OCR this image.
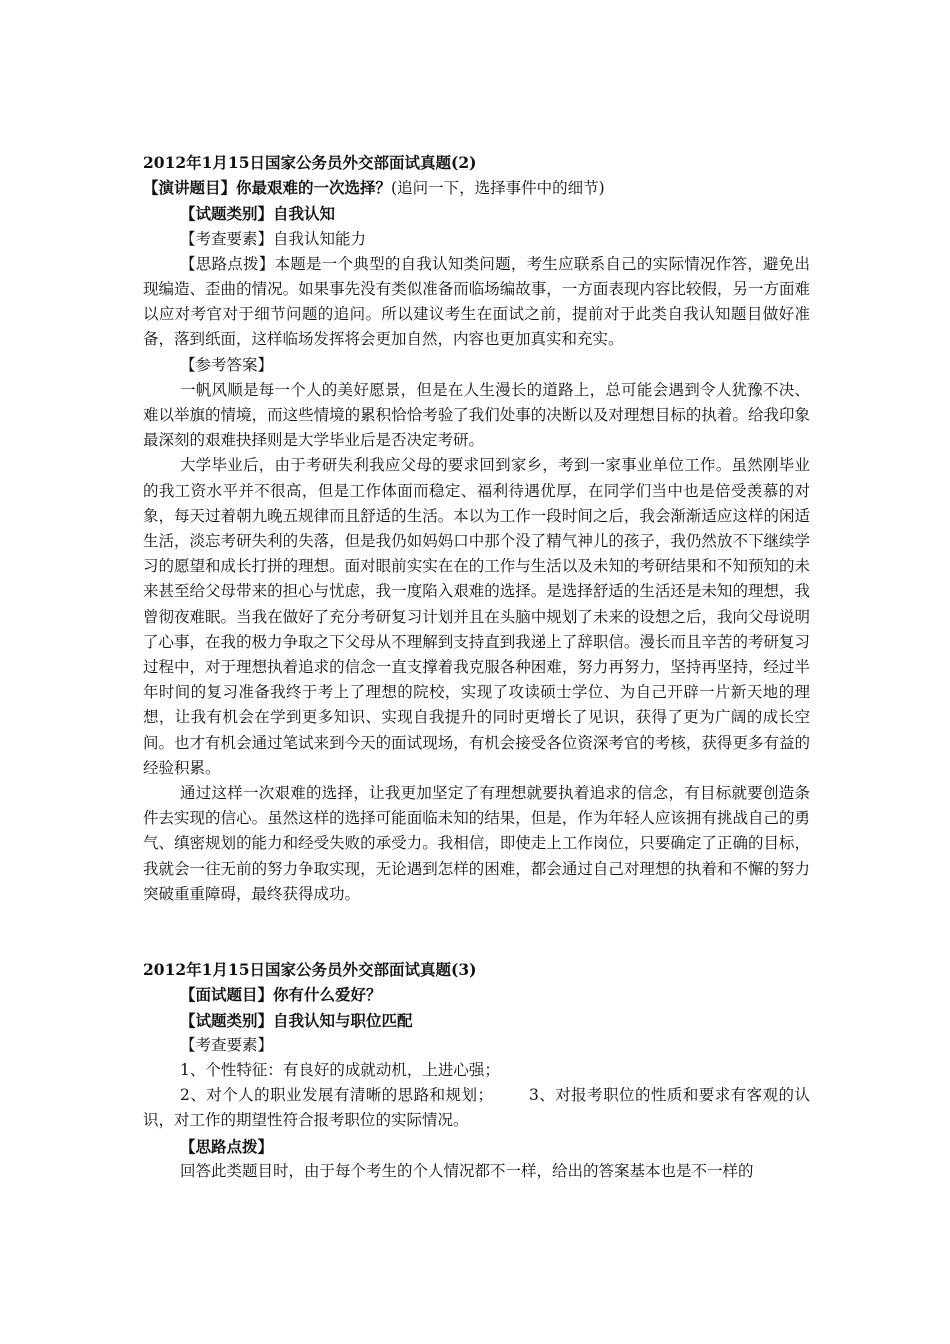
2012年1月15日国家公务员外交部面试真题(2)

【演讲题目】你最艰难的一次选择？(追问一下，选择事件中的细节)

【试题类别】自我认知

【考查要素】自我认知能力

【思路点拨】本题是一个典型的自我认知类问题，考生应联系自己的实际情况作答，避免出现编造、歪曲的情况。如果事先没有类似准备而临场编故事，一方面表现内容比较假，另一方面难以应对考官对于细节问题的追问。所以建议考生在面试之前，提前对于此类自我认知题目做好准备，落到纸面，这样临场发挥将会更加自然，内容也更加真实和充实。

【参考答案】

一帆风顺是每一个人的美好愿景，但是在人生漫长的道路上，总可能会遇到令人犹豫不决、难以举旗的情境，而这些情境的累积恰恰考验了我们处事的决断以及对理想目标的执着。给我印象最深刻的艰难抉择则是大学毕业后是否决定考研。

大学毕业后，由于考研失利我应父母的要求回到家乡，考到一家事业单位工作。虽然刚毕业的我工资水平并不很高，但是工作体面而稳定、福利待遇优厚，在同学们当中也是倍受羡慕的对象，每天过着朝九晚五规律而且舒适的生活。本以为工作一段时间之后，我会渐渐适应这样的闲适生活，淡忘考研失利的失落，但是我仍如妈妈口中那个没了精气神儿的孩子，我仍然放不下继续学习的愿望和成长打拼的理想。面对眼前实实在在的工作与生活以及未知的考研结果和不知预知的未来甚至给父母带来的担心与忧虑，我一度陷入艰难的选择。是选择舒适的生活还是未知的理想，我曾彻夜难眠。当我在做好了充分考研复习计划并且在头脑中规划了未来的设想之后，我向父母说明了心事，在我的极力争取之下父母从不理解到支持直到我递上了辞职信。漫长而且辛苦的考研复习过程中，对于理想执着追求的信念一直支撑着我克服各种困难，努力再努力，坚持再坚持，经过半年时间的复习准备我终于考上了理想的院校，实现了攻读硕士学位、为自己开辟一片新天地的理想，让我有机会在学到更多知识、实现自我提升的同时更增长了见识，获得了更为广阔的成长空间。也才有机会通过笔试来到今天的面试现场，有机会接受各位资深考官的考核，获得更多有益的经验积累。

通过这样一次艰难的选择，让我更加坚定了有理想就要执着追求的信念，有目标就要创造条件去实现的信心。虽然这样的选择可能面临未知的结果，但是，作为年轻人应该拥有挑战自己的勇气、缜密规划的能力和经受失败的承受力。我相信，即使走上工作岗位，只要确定了正确的目标，我就会一往无前的努力争取实现，无论遇到怎样的困难，都会通过自己对理想的执着和不懈的努力突破重重障碍，最终获得成功。

2012年1月15日国家公务员外交部面试真题(3)

【面试题目】你有什么爱好？

【试题类别】自我认知与职位匹配

【考查要素】

1、个性特征：有良好的成就动机，上进心强；

2、对个人的职业发展有清晰的思路和规划； 3、对报考职位的性质和要求有客观的认识，对工作的期望性符合报考职位的实际情况。

【思路点拨】

回答此类题目时，由于每个考生的个人情况都不一样，给出的答案基本也是不一样的
